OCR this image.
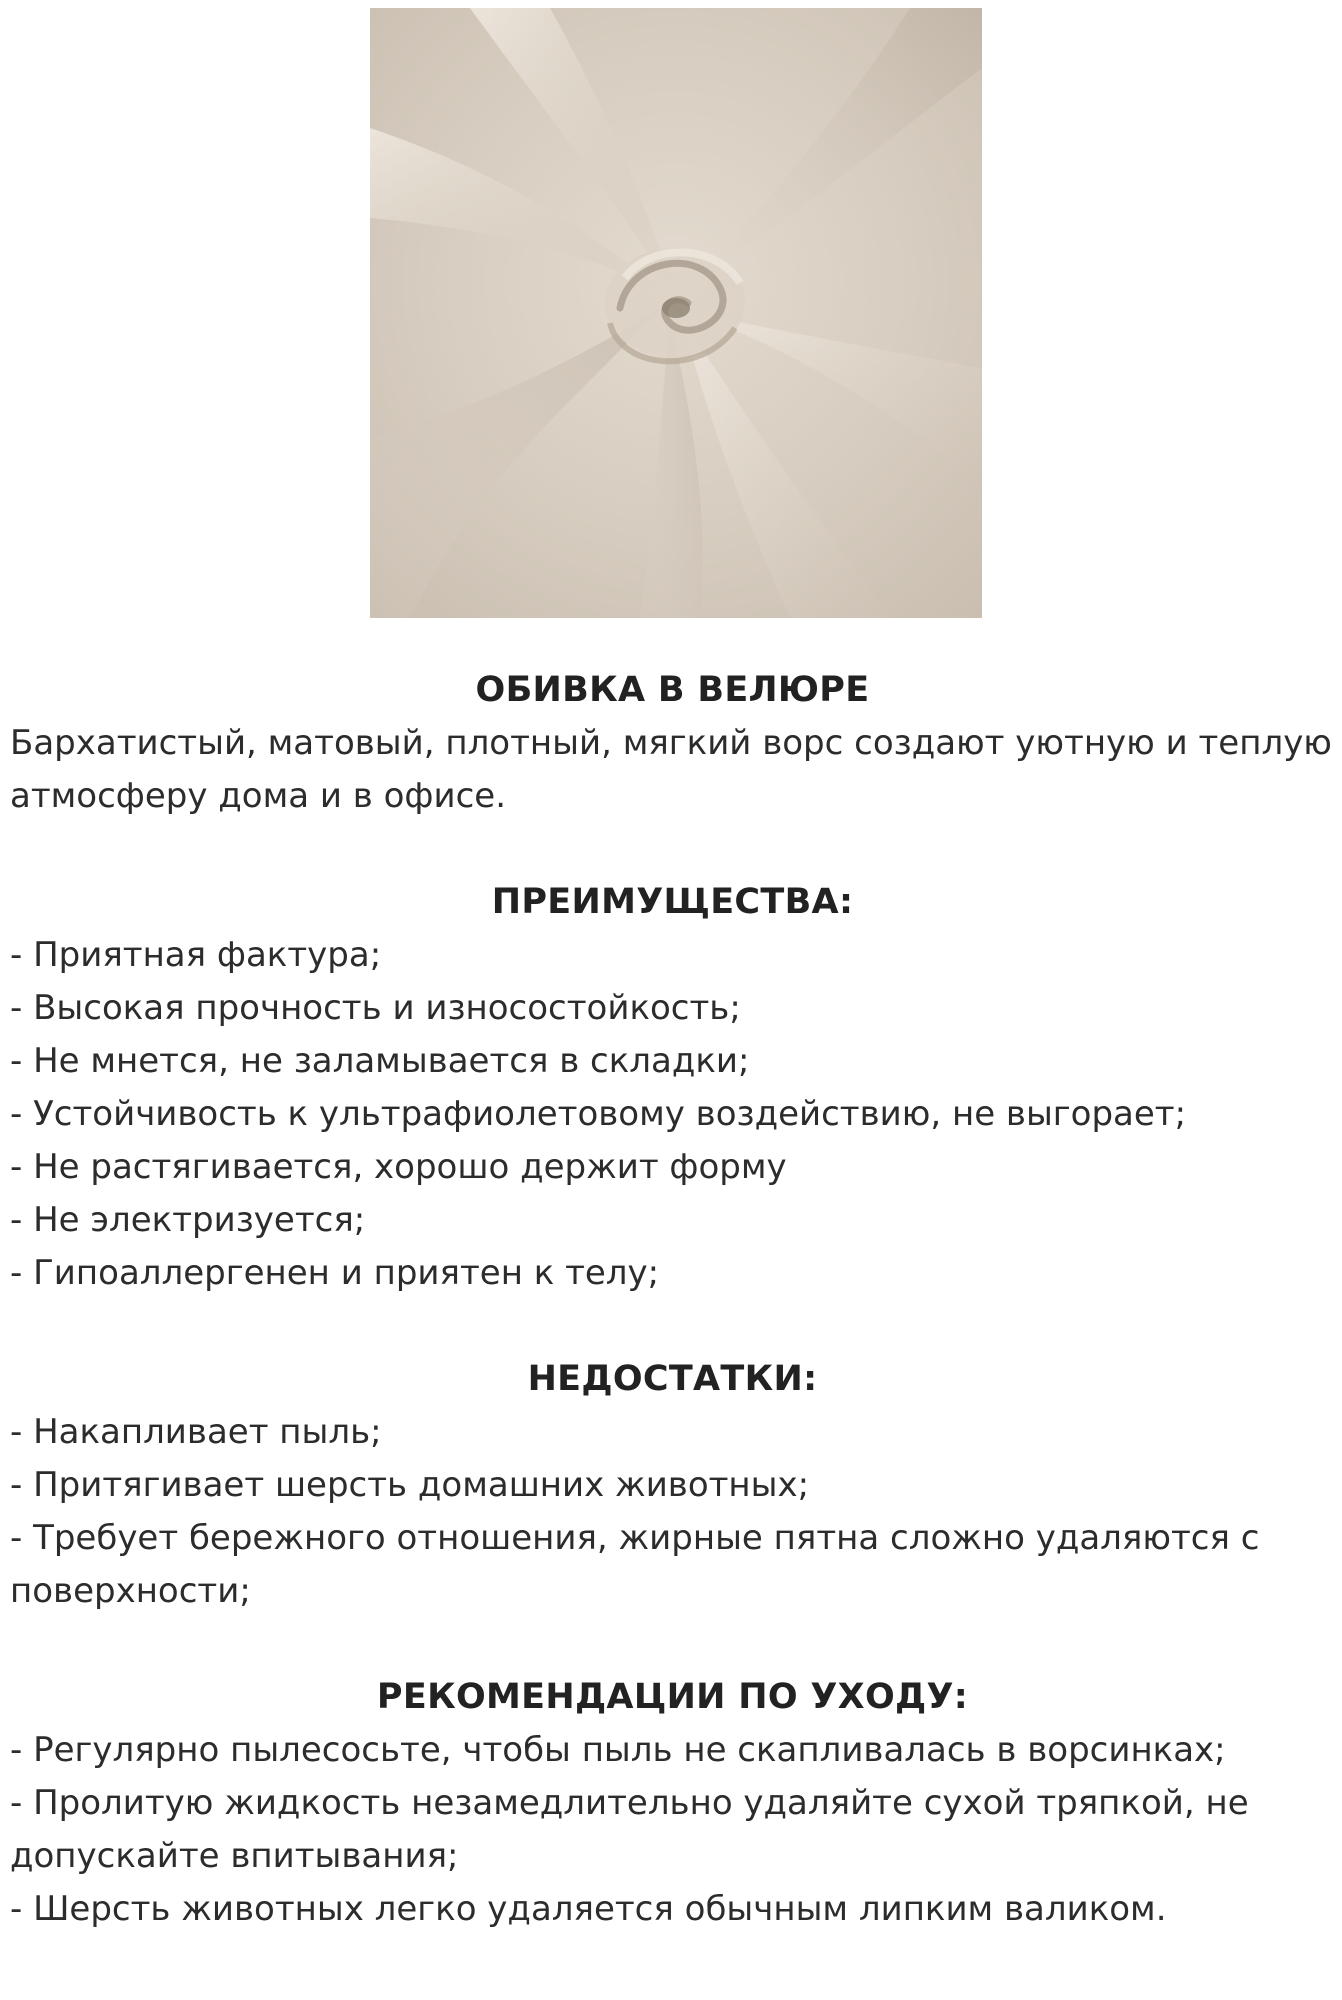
ОБИВКА В ВЕЛЮРЕ
Бархатистый, матовый, плотный, мягкий ворс создают уютную и теплую атмосферу дома и в офисе.
ПРЕИМУЩЕСТВА:
- Приятная фактура;
- Высокая прочность и износостойкость;
- Не мнется, не заламывается в складки;
- Устойчивость к ультрафиолетовому воздействию, не выгорает;
- Не растягивается, хорошо держит форму
- Не электризуется;
- Гипоаллергенен и приятен к телу;
НЕДОСТАТКИ:
- Накапливает пыль;
- Притягивает шерсть домашних животных;
- Требует бережного отношения, жирные пятна сложно удаляются с поверхности;
РЕКОМЕНДАЦИИ ПО УХОДУ:
- Регулярно пылесосьте, чтобы пыль не скапливалась в ворсинках;
- Пролитую жидкость незамедлительно удаляйте сухой тряпкой, не допускайте впитывания;
- Шерсть животных легко удаляется обычным липким валиком.
